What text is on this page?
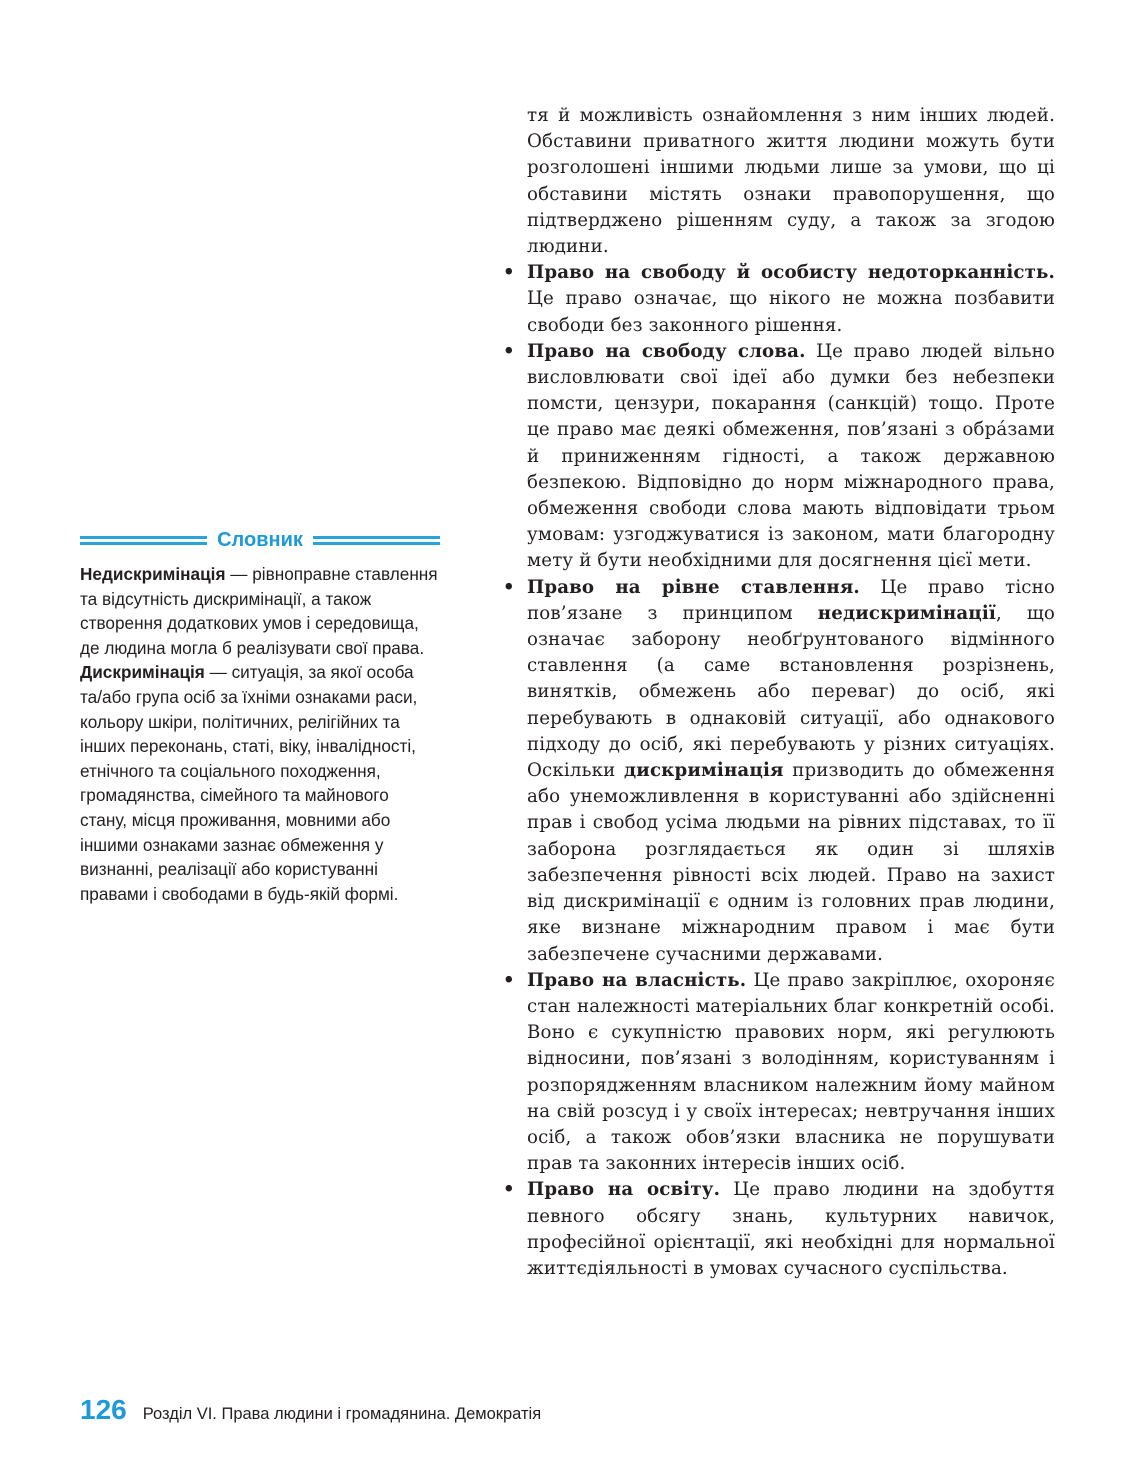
Словник

Недискримінація — рівноправне ставлення та відсутність дискримінації, а також створення додаткових умов і середовища, де людина могла б реалізувати свої права.

Дискримінація — ситуація, за якої особа та/або група осіб за їхніми ознаками раси, кольору шкіри, політичних, релігійних та інших переконань, статі, віку, інвалідності, етнічного та соціального походження, громадянства, сімейного та майнового стану, місця проживання, мовними або іншими ознаками зазнає обмеження у визнанні, реалізації або користуванні правами і свободами в будь-якій формі.

тя й можливість ознайомлення з ним інших людей. Обставини приватного життя людини можуть бути розголошені іншими людьми лише за умови, що ці обставини містять ознаки правопорушення, що підтверджено рішенням суду, а також за згодою людини.

• Право на свободу й особисту недоторканність. Це право означає, що нікого не можна позбавити свободи без законного рішення.

• Право на свободу слова. Це право людей вільно висловлювати свої ідеї або думки без небезпеки помсти, цензури, покарання (санкцій) тощо. Проте це право має деякі обмеження, пов’язані з обрáзами й приниженням гідності, а також державною безпекою. Відповідно до норм міжнародного права, обмеження свободи слова мають відповідати трьом умовам: узгоджуватися із законом, мати благородну мету й бути необхідними для досягнення цієї мети.

• Право на рівне ставлення. Це право тісно пов’язане з принципом недискримінації, що означає заборону необґрунтованого відмінного ставлення (а саме встановлення розрізнень, винятків, обмежень або переваг) до осіб, які перебувають в однаковій ситуації, або однакового підходу до осіб, які перебувають у різних ситуаціях. Оскільки дискримінація призводить до обмеження або унеможливлення в користуванні або здійсненні прав і свобод усіма людьми на рівних підставах, то її заборона розглядається як один зі шляхів забезпечення рівності всіх людей. Право на захист від дискримінації є одним із головних прав людини, яке визнане міжнародним правом і має бути забезпечене сучасними державами.

• Право на власність. Це право закріплює, охороняє стан належності матеріальних благ конкретній особі. Воно є сукупністю правових норм, які регулюють відносини, пов’язані з володінням, користуванням і розпорядженням власником належним йому майном на свій розсуд і у своїх інтересах; невтручання інших осіб, а також обов’язки власника не порушувати прав та законних інтересів інших осіб.

• Право на освіту. Це право людини на здобуття певного обсягу знань, культурних навичок, професійної орієнтації, які необхідні для нормальної життєдіяльності в умовах сучасного суспільства.

126 Розділ VI. Права людини і громадянина. Демократія
